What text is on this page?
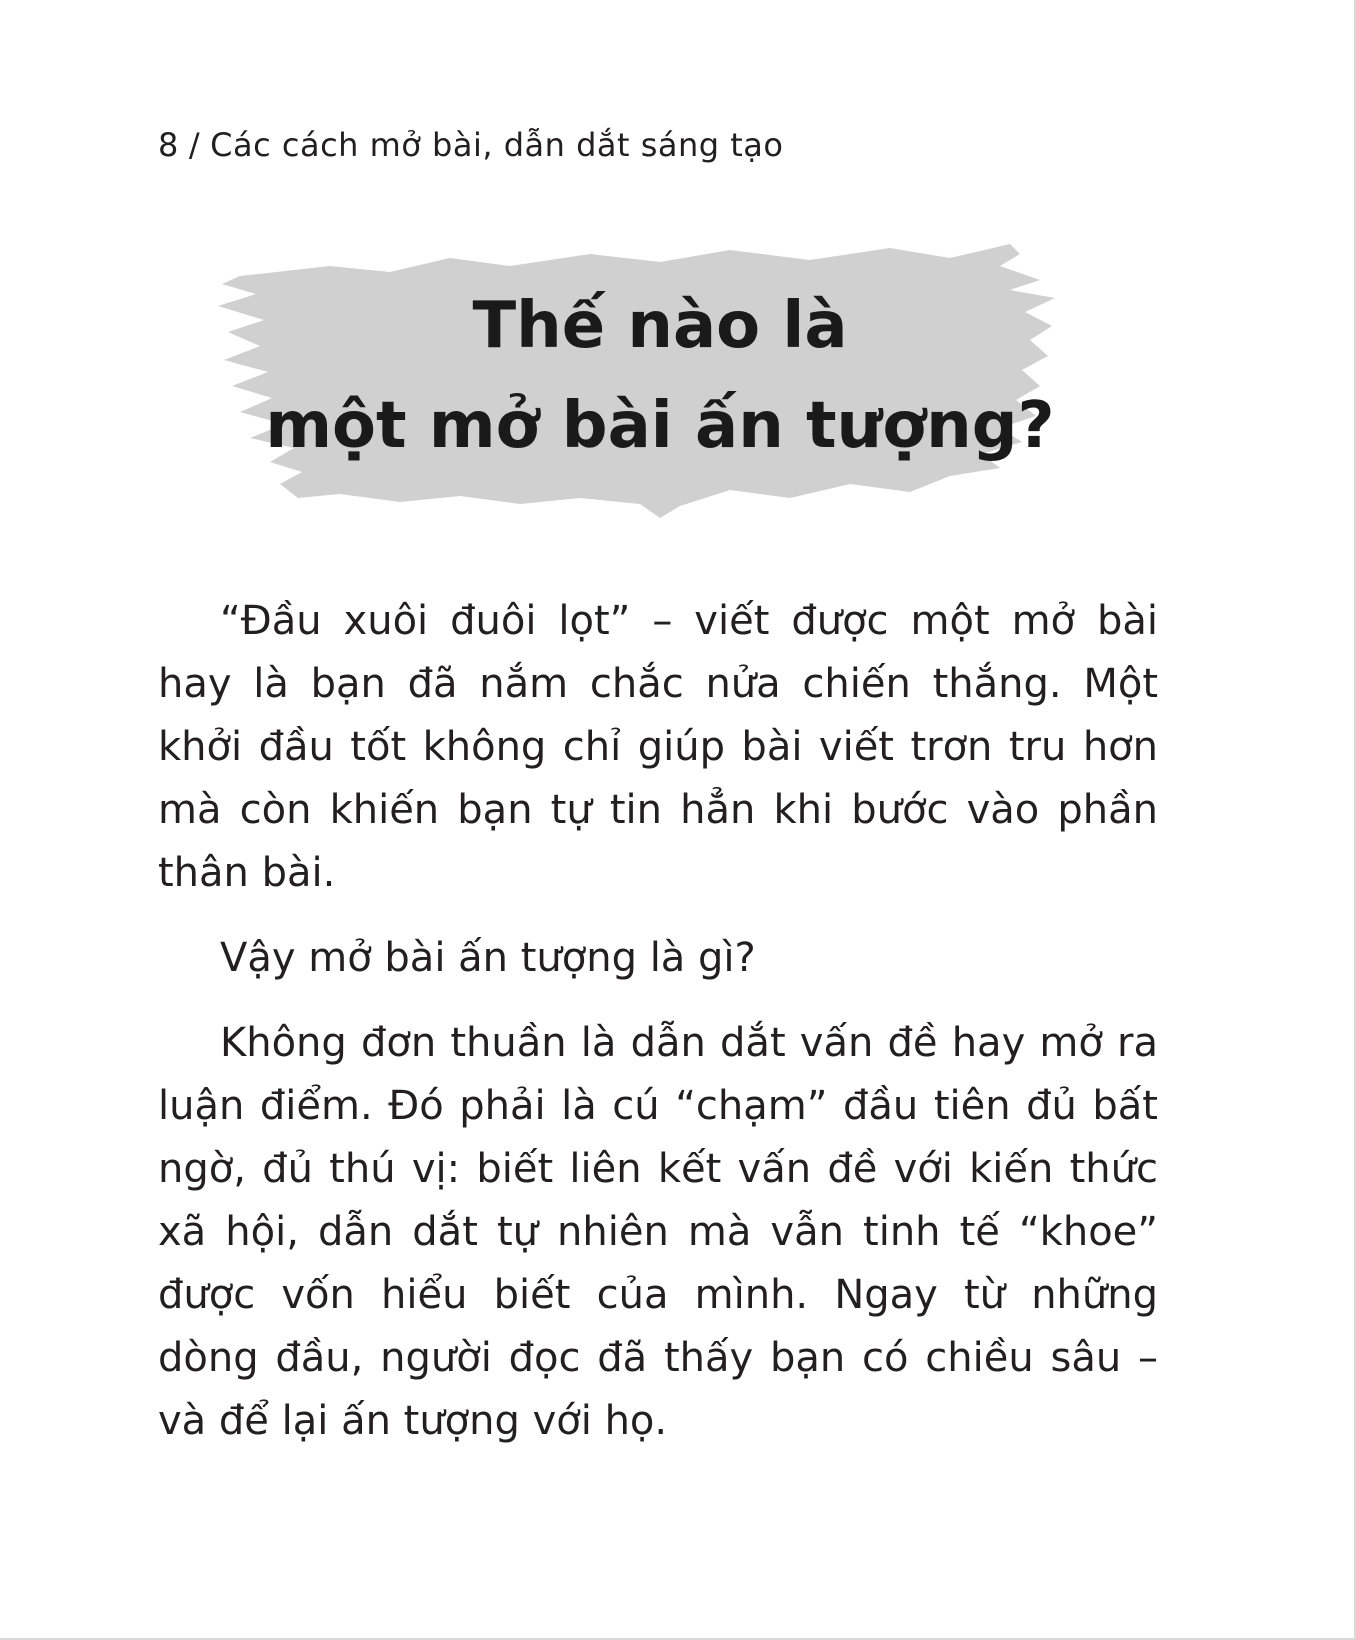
8 / Các cách mở bài, dẫn dắt sáng tạo
Thế nào là
một mở bài ấn tượng?

“Đầu xuôi đuôi lọt” – viết được một mở bài hay là bạn đã nắm chắc nửa chiến thắng. Một khởi đầu tốt không chỉ giúp bài viết trơn tru hơn mà còn khiến bạn tự tin hẳn khi bước vào phần thân bài.

Vậy mở bài ấn tượng là gì?

Không đơn thuần là dẫn dắt vấn đề hay mở ra luận điểm. Đó phải là cú “chạm” đầu tiên đủ bất ngờ, đủ thú vị: biết liên kết vấn đề với kiến thức xã hội, dẫn dắt tự nhiên mà vẫn tinh tế “khoe” được vốn hiểu biết của mình. Ngay từ những dòng đầu, người đọc đã thấy bạn có chiều sâu – và để lại ấn tượng với họ.
